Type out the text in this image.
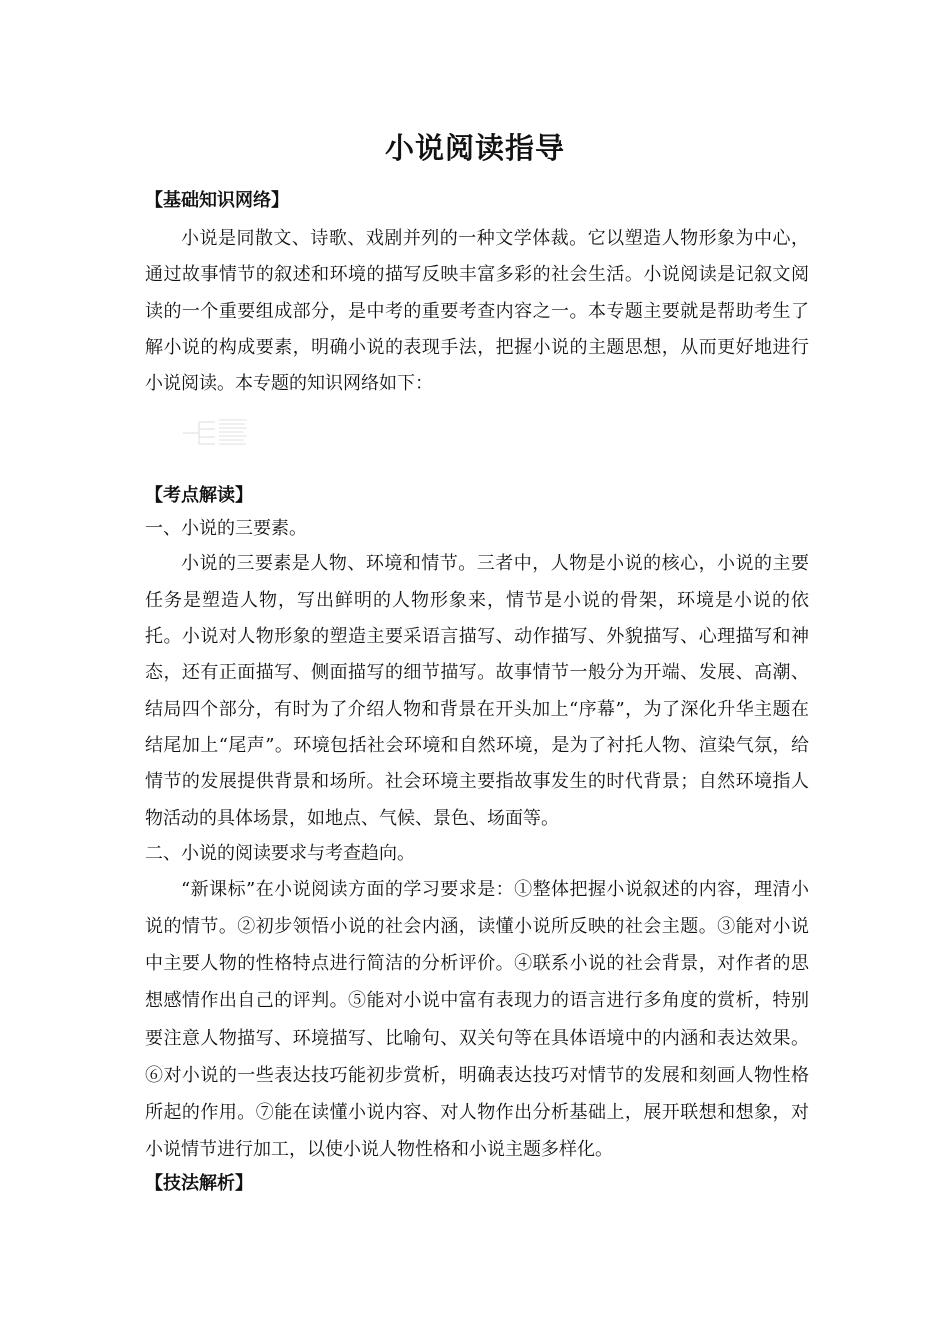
小说阅读指导

【基础知识网络】

小说是同散文、诗歌、戏剧并列的一种文学体裁。它以塑造人物形象为中心，通过故事情节的叙述和环境的描写反映丰富多彩的社会生活。小说阅读是记叙文阅读的一个重要组成部分，是中考的重要考查内容之一。本专题主要就是帮助考生了解小说的构成要素，明确小说的表现手法，把握小说的主题思想，从而更好地进行小说阅读。本专题的知识网络如下：

【考点解读】

一、小说的三要素。

小说的三要素是人物、环境和情节。三者中，人物是小说的核心，小说的主要任务是塑造人物，写出鲜明的人物形象来，情节是小说的骨架，环境是小说的依托。小说对人物形象的塑造主要采语言描写、动作描写、外貌描写、心理描写和神态，还有正面描写、侧面描写的细节描写。故事情节一般分为开端、发展、高潮、结局四个部分，有时为了介绍人物和背景在开头加上“序幕”，为了深化升华主题在结尾加上“尾声”。环境包括社会环境和自然环境，是为了衬托人物、渲染气氛，给情节的发展提供背景和场所。社会环境主要指故事发生的时代背景；自然环境指人物活动的具体场景，如地点、气候、景色、场面等。

二、小说的阅读要求与考查趋向。

“新课标”在小说阅读方面的学习要求是：①整体把握小说叙述的内容，理清小说的情节。②初步领悟小说的社会内涵，读懂小说所反映的社会主题。③能对小说中主要人物的性格特点进行简洁的分析评价。④联系小说的社会背景，对作者的思想感情作出自己的评判。⑤能对小说中富有表现力的语言进行多角度的赏析，特别要注意人物描写、环境描写、比喻句、双关句等在具体语境中的内涵和表达效果。⑥对小说的一些表达技巧能初步赏析，明确表达技巧对情节的发展和刻画人物性格所起的作用。⑦能在读懂小说内容、对人物作出分析基础上，展开联想和想象，对小说情节进行加工，以使小说人物性格和小说主题多样化。

【技法解析】
